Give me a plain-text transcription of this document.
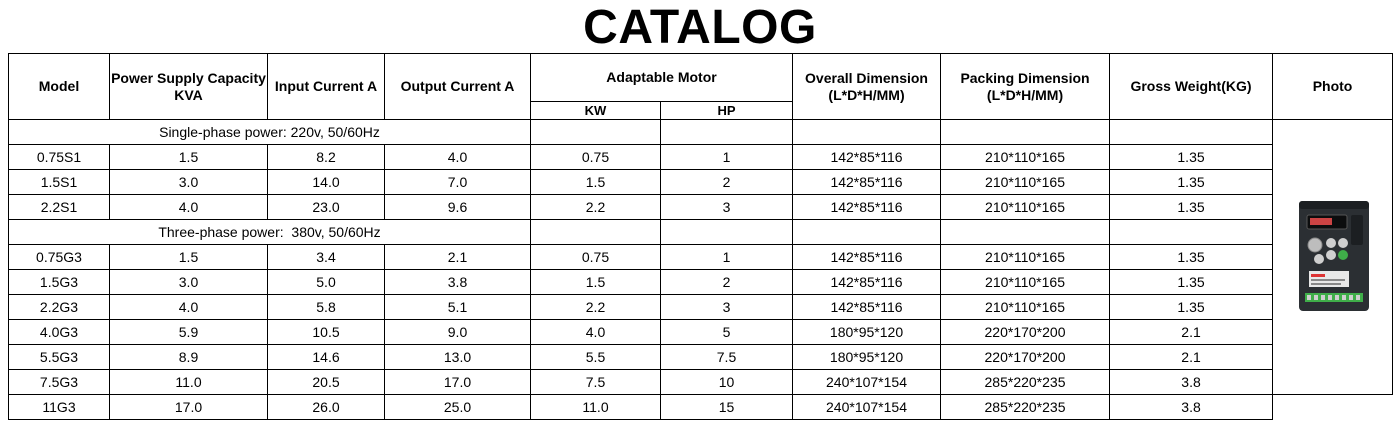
CATALOG
Model	Power Supply Capacity KVA	Input Current A	Output Current A	Adaptable Motor		Overall Dimension (L*D*H/MM)	Packing Dimension (L*D*H/MM)	Gross Weight(KG)	Photo
				KW	HP				
Single-phase power: 220v, 50/60Hz						

0.75S1	1.5	8.2	4.0	0.75	1	142*85*116	210*110*165	1.35	
1.5S1	3.0	14.0	7.0	1.5	2	142*85*116	210*110*165	1.35	
2.2S1	4.0	23.0	9.6	2.2	3	142*85*116	210*110*165	1.35	
Three-phase power:  380v, 50/60Hz									
0.75G3	1.5	3.4	2.1	0.75	1	142*85*116	210*110*165	1.35	
1.5G3	3.0	5.0	3.8	1.5	2	142*85*116	210*110*165	1.35	
2.2G3	4.0	5.8	5.1	2.2	3	142*85*116	210*110*165	1.35	
4.0G3	5.9	10.5	9.0	4.0	5	180*95*120	220*170*200	2.1	
5.5G3	8.9	14.6	13.0	5.5	7.5	180*95*120	220*170*200	2.1	
7.5G3	11.0	20.5	17.0	7.5	10	240*107*154	285*220*235	3.8	
11G3	17.0	26.0	25.0	11.0	15	240*107*154	285*220*235	3.8	
